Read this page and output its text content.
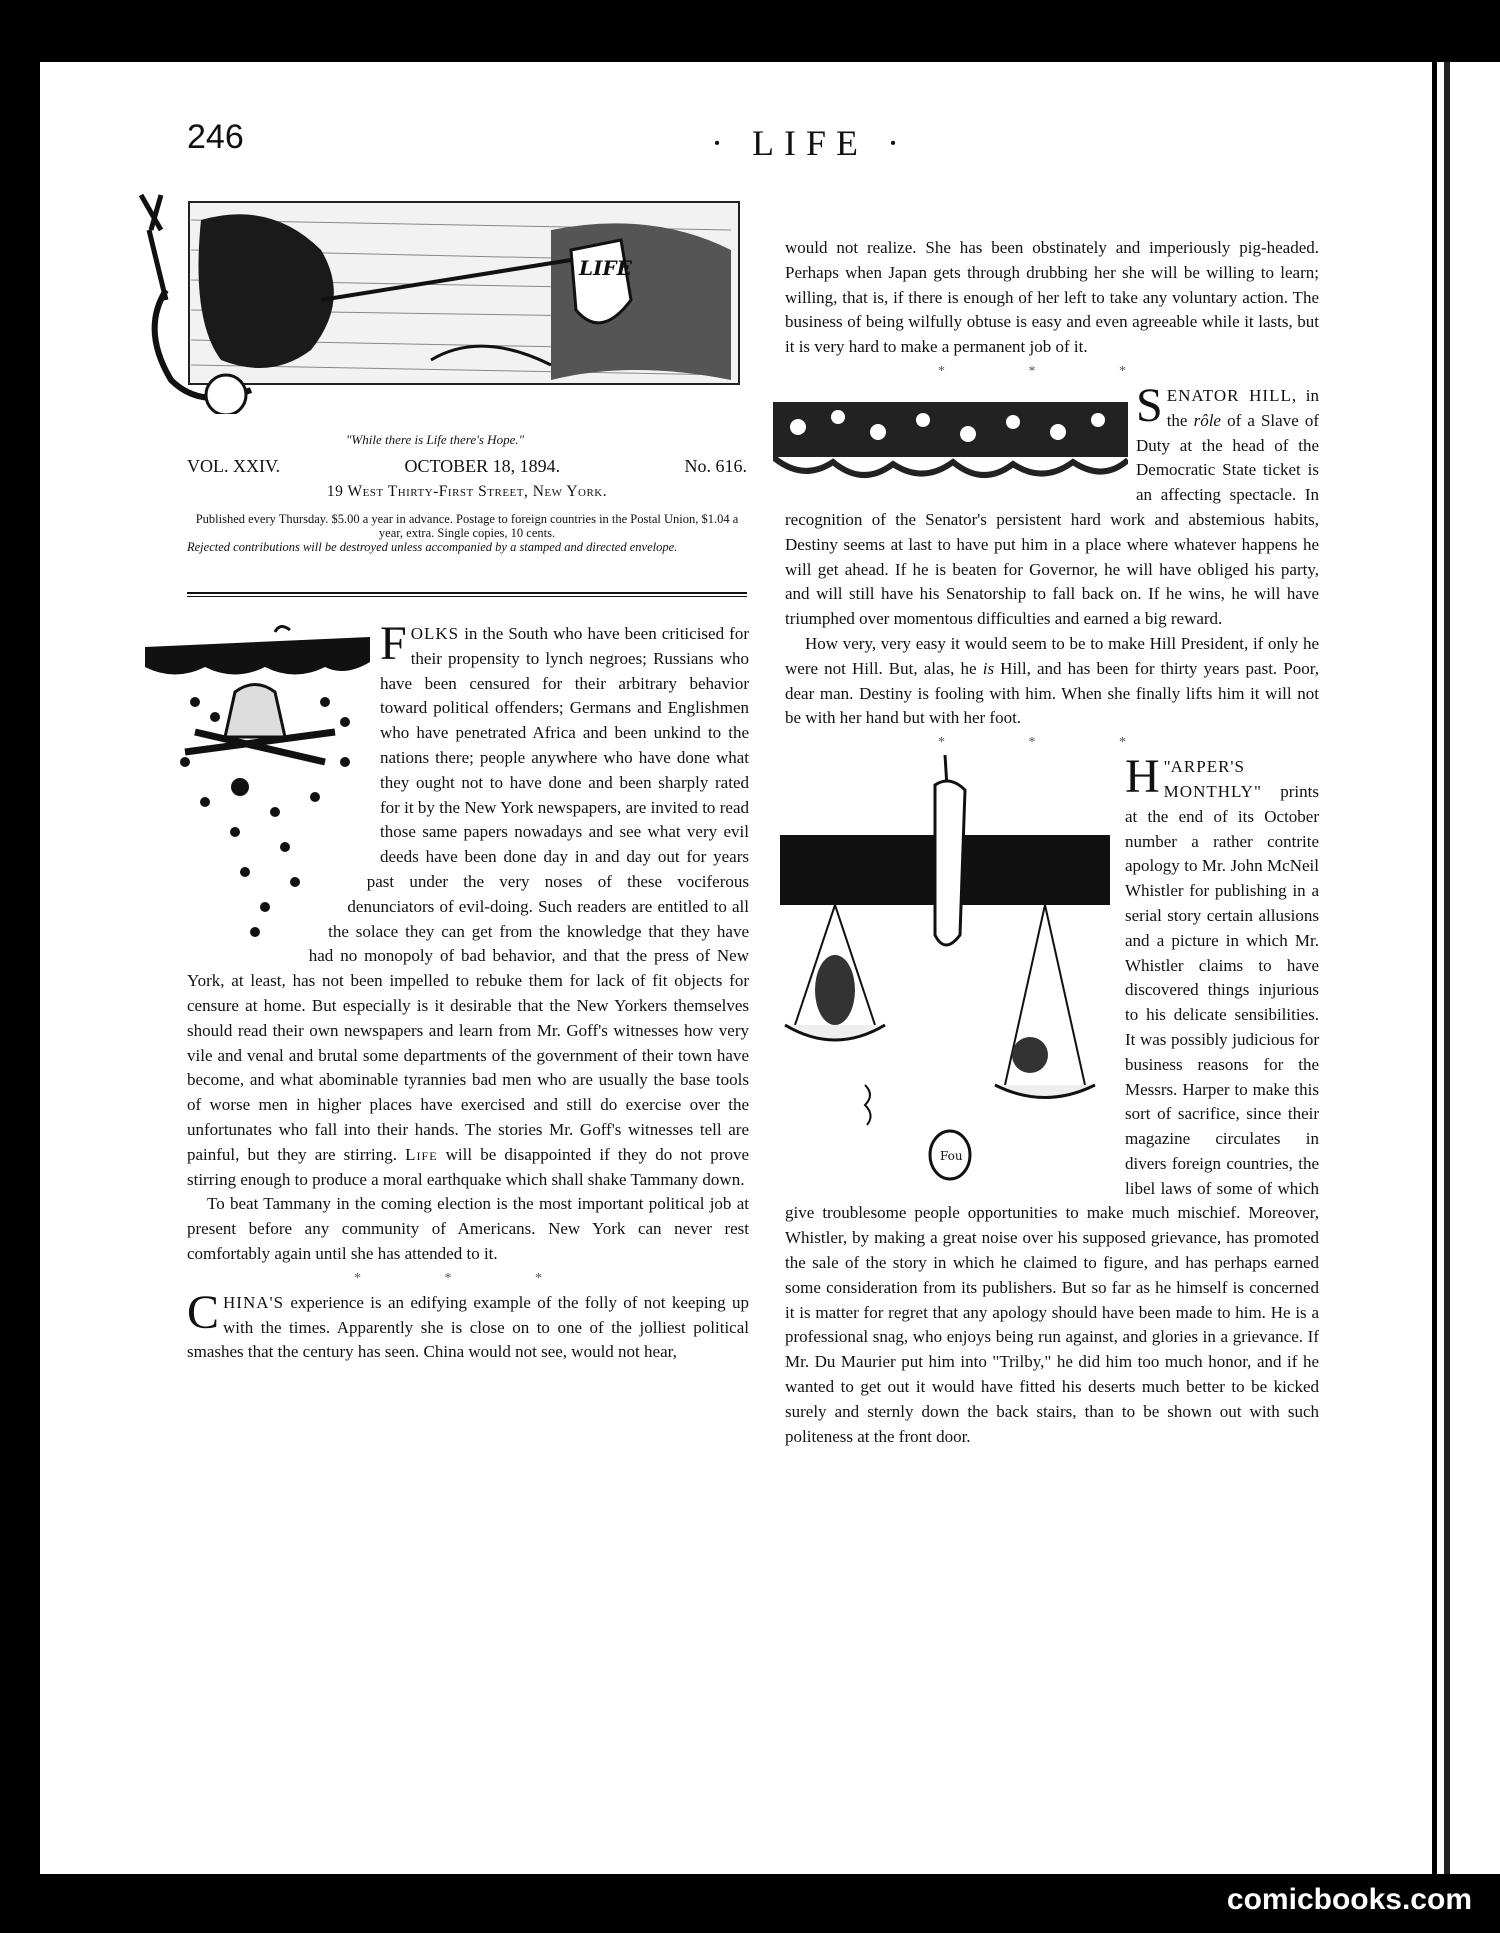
246	· LIFE ·
LIFE
"While there is Life there's Hope."
VOL. XXIV.	OCTOBER 18, 1894.	No. 616.
19 West Thirty-First Street, New York.
Published every Thursday. $5.00 a year in advance. Postage to foreign countries in the Postal Union, $1.04 a year, extra. Single copies, 10 cents.
Rejected contributions will be destroyed unless accompanied by a stamped and directed envelope.

FOLKS in the South who have been criticised for their propensity to lynch negroes; Russians who have been censured for their arbitrary behavior toward political offenders; Germans and Englishmen who have penetrated Africa and been unkind to the nations there; people anywhere who have done what they ought not to have done and been sharply rated for it by the New York newspapers, are invited to read those same papers nowadays and see what very evil deeds have been done day in and day out for years past under the very noses of these vociferous denunciators of evil-doing. Such readers are entitled to all the solace they can get from the knowledge that they have had no monopoly of bad behavior, and that the press of New York, at least, has not been impelled to rebuke them for lack of fit objects for censure at home. But especially is it desirable that the New Yorkers themselves should read their own newspapers and learn from Mr. Goff's witnesses how very vile and venal and brutal some departments of the government of their town have become, and what abominable tyrannies bad men who are usually the base tools of worse men in higher places have exercised and still do exercise over the unfortunates who fall into their hands. The stories Mr. Goff's witnesses tell are painful, but they are stirring. Life will be disappointed if they do not prove stirring enough to produce a moral earthquake which shall shake Tammany down.

To beat Tammany in the coming election is the most important political job at present before any community of Americans. New York can never rest comfortably again until she has attended to it.

* * *

CHINA'S experience is an edifying example of the folly of not keeping up with the times. Apparently she is close on to one of the jolliest political smashes that the century has seen. China would not see, would not hear,

would not realize. She has been obstinately and imperiously pig-headed. Perhaps when Japan gets through drubbing her she will be willing to learn; willing, that is, if there is enough of her left to take any voluntary action. The business of being wilfully obtuse is easy and even agreeable while it lasts, but it is very hard to make a permanent job of it.

* * *

SENATOR HILL, in the rôle of a Slave of Duty at the head of the Democratic State ticket is an affecting spectacle. In recognition of the Senator's persistent hard work and abstemious habits, Destiny seems at last to have put him in a place where whatever happens he will get ahead. If he is beaten for Governor, he will have obliged his party, and will still have his Senatorship to fall back on. If he wins, he will have triumphed over momentous difficulties and earned a big reward.

How very, very easy it would seem to be to make Hill President, if only he were not Hill. But, alas, he is Hill, and has been for thirty years past. Poor, dear man. Destiny is fooling with him. When she finally lifts him it will not be with her hand but with her foot.

* * *
Fou

"
H ARPER'S MONTHLY" prints at the end of its October number a rather contrite apology to Mr. John McNeil Whistler for publishing in a serial story certain allusions and a picture in which Mr. Whistler claims to have discovered things injurious to his delicate sensibilities. It was possibly judicious for business reasons for the Messrs. Harper to make this sort of sacrifice, since their magazine circulates in divers foreign countries, the libel laws of some of which give troublesome people opportunities to make much mischief. Moreover, Whistler, by making a great noise over his supposed grievance, has promoted the sale of the story in which he claimed to figure, and has perhaps earned some consideration from its publishers. But so far as he himself is concerned it is matter for regret that any apology should have been made to him. He is a professional snag, who enjoys being run against, and glories in a grievance. If Mr. Du Maurier put him into "Trilby," he did him too much honor, and if he wanted to get out it would have fitted his deserts much better to be kicked surely and sternly down the back stairs, than to be shown out with such politeness at the front door.

comicbooks.com
